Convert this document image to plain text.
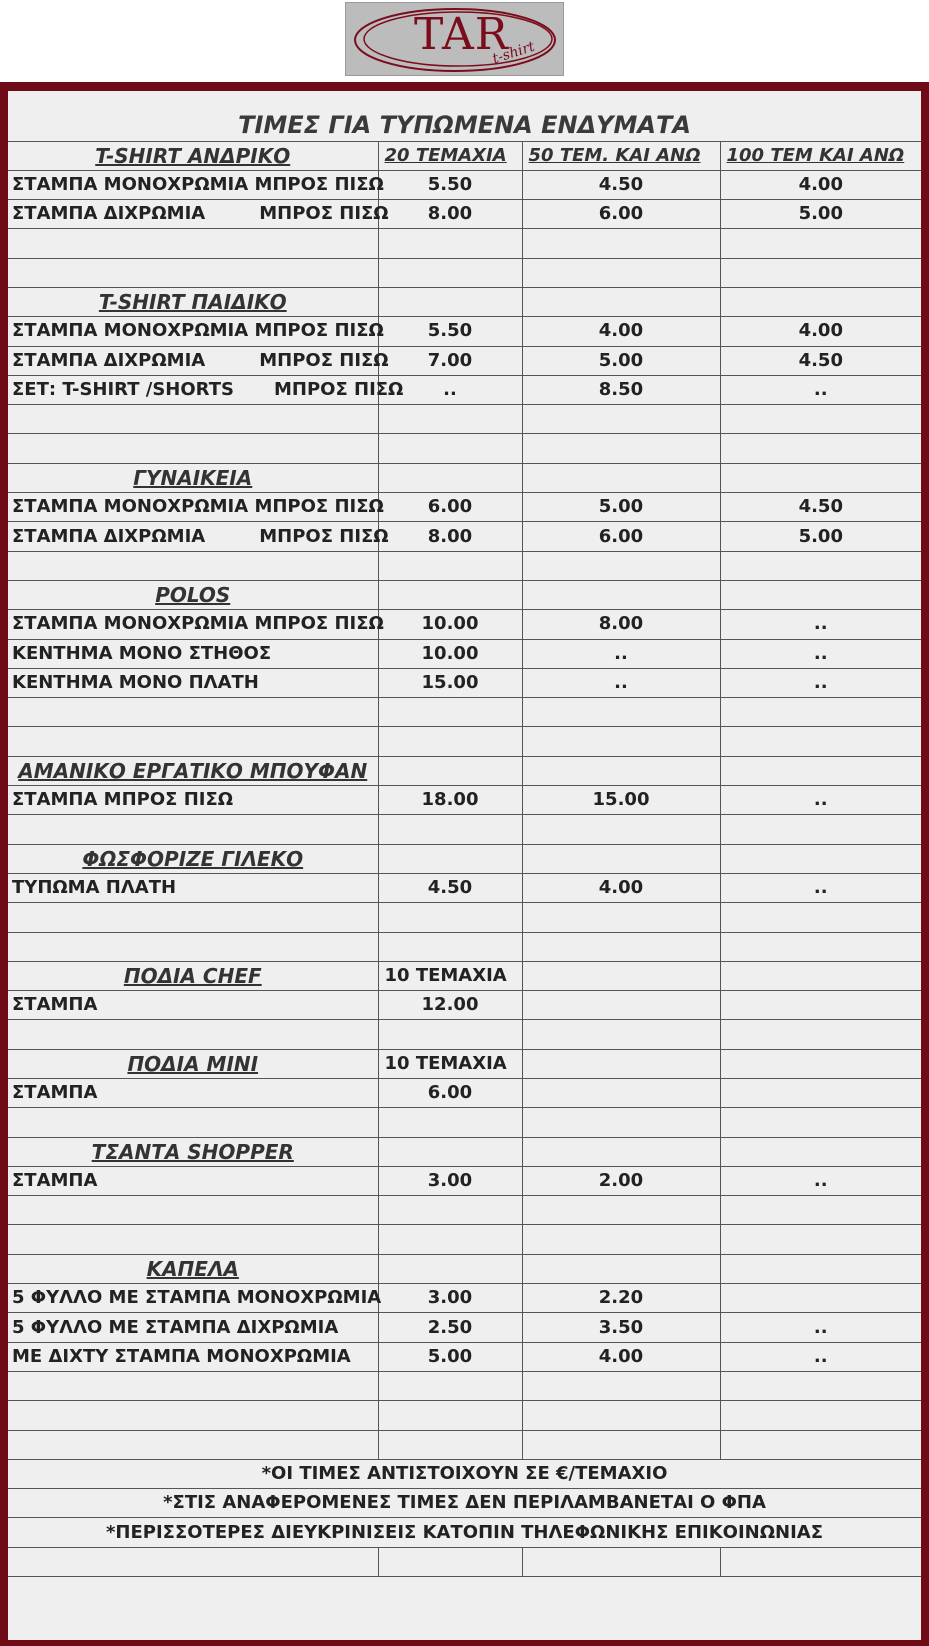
TAR
t-shirt
ΤΙΜΕΣ ΓΙΑ ΤΥΠΩΜΕΝΑ ΕΝΔΥΜΑΤΑ			
T-SHIRT ΑΝΔΡΙΚΟ	20 ΤΕΜΑΧΙΑ	50 ΤΕΜ. ΚΑΙ ΑΝΩ	100 ΤΕΜ ΚΑΙ ΑΝΩ
ΣΤΑΜΠΑ ΜΟΝΟΧΡΩΜΙΑ ΜΠΡΟΣ ΠΙΣΩ	5.50	4.50	4.00
ΣΤΑΜΠΑ ΔΙΧΡΩΜΙΑ ΜΠΡΟΣ ΠΙΣΩ	8.00	6.00	5.00

T-SHIRT ΠΑΙΔΙΚΟ			
ΣΤΑΜΠΑ ΜΟΝΟΧΡΩΜΙΑ ΜΠΡΟΣ ΠΙΣΩ	5.50	4.00	4.00
ΣΤΑΜΠΑ ΔΙΧΡΩΜΙΑ ΜΠΡΟΣ ΠΙΣΩ	7.00	5.00	4.50
ΣΕΤ: T-SHIRT /SHORTS ΜΠΡΟΣ ΠΙΣΩ	..	8.50	..

ΓΥΝΑΙΚΕΙΑ			
ΣΤΑΜΠΑ ΜΟΝΟΧΡΩΜΙΑ ΜΠΡΟΣ ΠΙΣΩ	6.00	5.00	4.50
ΣΤΑΜΠΑ ΔΙΧΡΩΜΙΑ ΜΠΡΟΣ ΠΙΣΩ	8.00	6.00	5.00

POLOS			
ΣΤΑΜΠΑ ΜΟΝΟΧΡΩΜΙΑ ΜΠΡΟΣ ΠΙΣΩ	10.00	8.00	..
ΚΕΝΤΗΜΑ ΜΟΝΟ ΣΤΗΘΟΣ	10.00	..	..
ΚΕΝΤΗΜΑ ΜΟΝΟ ΠΛΑΤΗ	15.00	..	..

ΑΜΑΝΙΚΟ ΕΡΓΑΤΙΚΟ ΜΠΟΥΦΑΝ			
ΣΤΑΜΠΑ ΜΠΡΟΣ ΠΙΣΩ	18.00	15.00	..

ΦΩΣΦΟΡΙΖΕ ΓΙΛΕΚΟ			
ΤΥΠΩΜΑ ΠΛΑΤΗ	4.50	4.00	..

ΠΟΔΙΑ CHEF	10 ΤΕΜΑΧΙΑ		
ΣΤΑΜΠΑ	12.00		

ΠΟΔΙΑ MINI	10 ΤΕΜΑΧΙΑ		
ΣΤΑΜΠΑ	6.00		

ΤΣΑΝΤΑ SHOPPER			
ΣΤΑΜΠΑ	3.00	2.00	..

ΚΑΠΕΛΑ			
5 ΦΥΛΛΟ ΜΕ ΣΤΑΜΠΑ ΜΟΝΟΧΡΩΜΙΑ	3.00	2.20	
5 ΦΥΛΛΟ ΜΕ ΣΤΑΜΠΑ ΔΙΧΡΩΜΙΑ	2.50	3.50	..
ΜΕ ΔΙΧΤΥ ΣΤΑΜΠΑ ΜΟΝΟΧΡΩΜΙΑ	5.00	4.00	..

*ΟΙ ΤΙΜΕΣ ΑΝΤΙΣΤΟΙΧΟΥΝ ΣΕ €/ΤΕΜΑΧΙΟ			
*ΣΤΙΣ ΑΝΑΦΕΡΟΜΕΝΕΣ ΤΙΜΕΣ ΔΕΝ ΠΕΡΙΛΑΜΒΑΝΕΤΑΙ Ο ΦΠΑ			
*ΠΕΡΙΣΣΟΤΕΡΕΣ ΔΙΕΥΚΡΙΝΙΣΕΙΣ ΚΑΤΟΠΙΝ ΤΗΛΕΦΩΝΙΚΗΣ ΕΠΙΚΟΙΝΩΝΙΑΣ			
